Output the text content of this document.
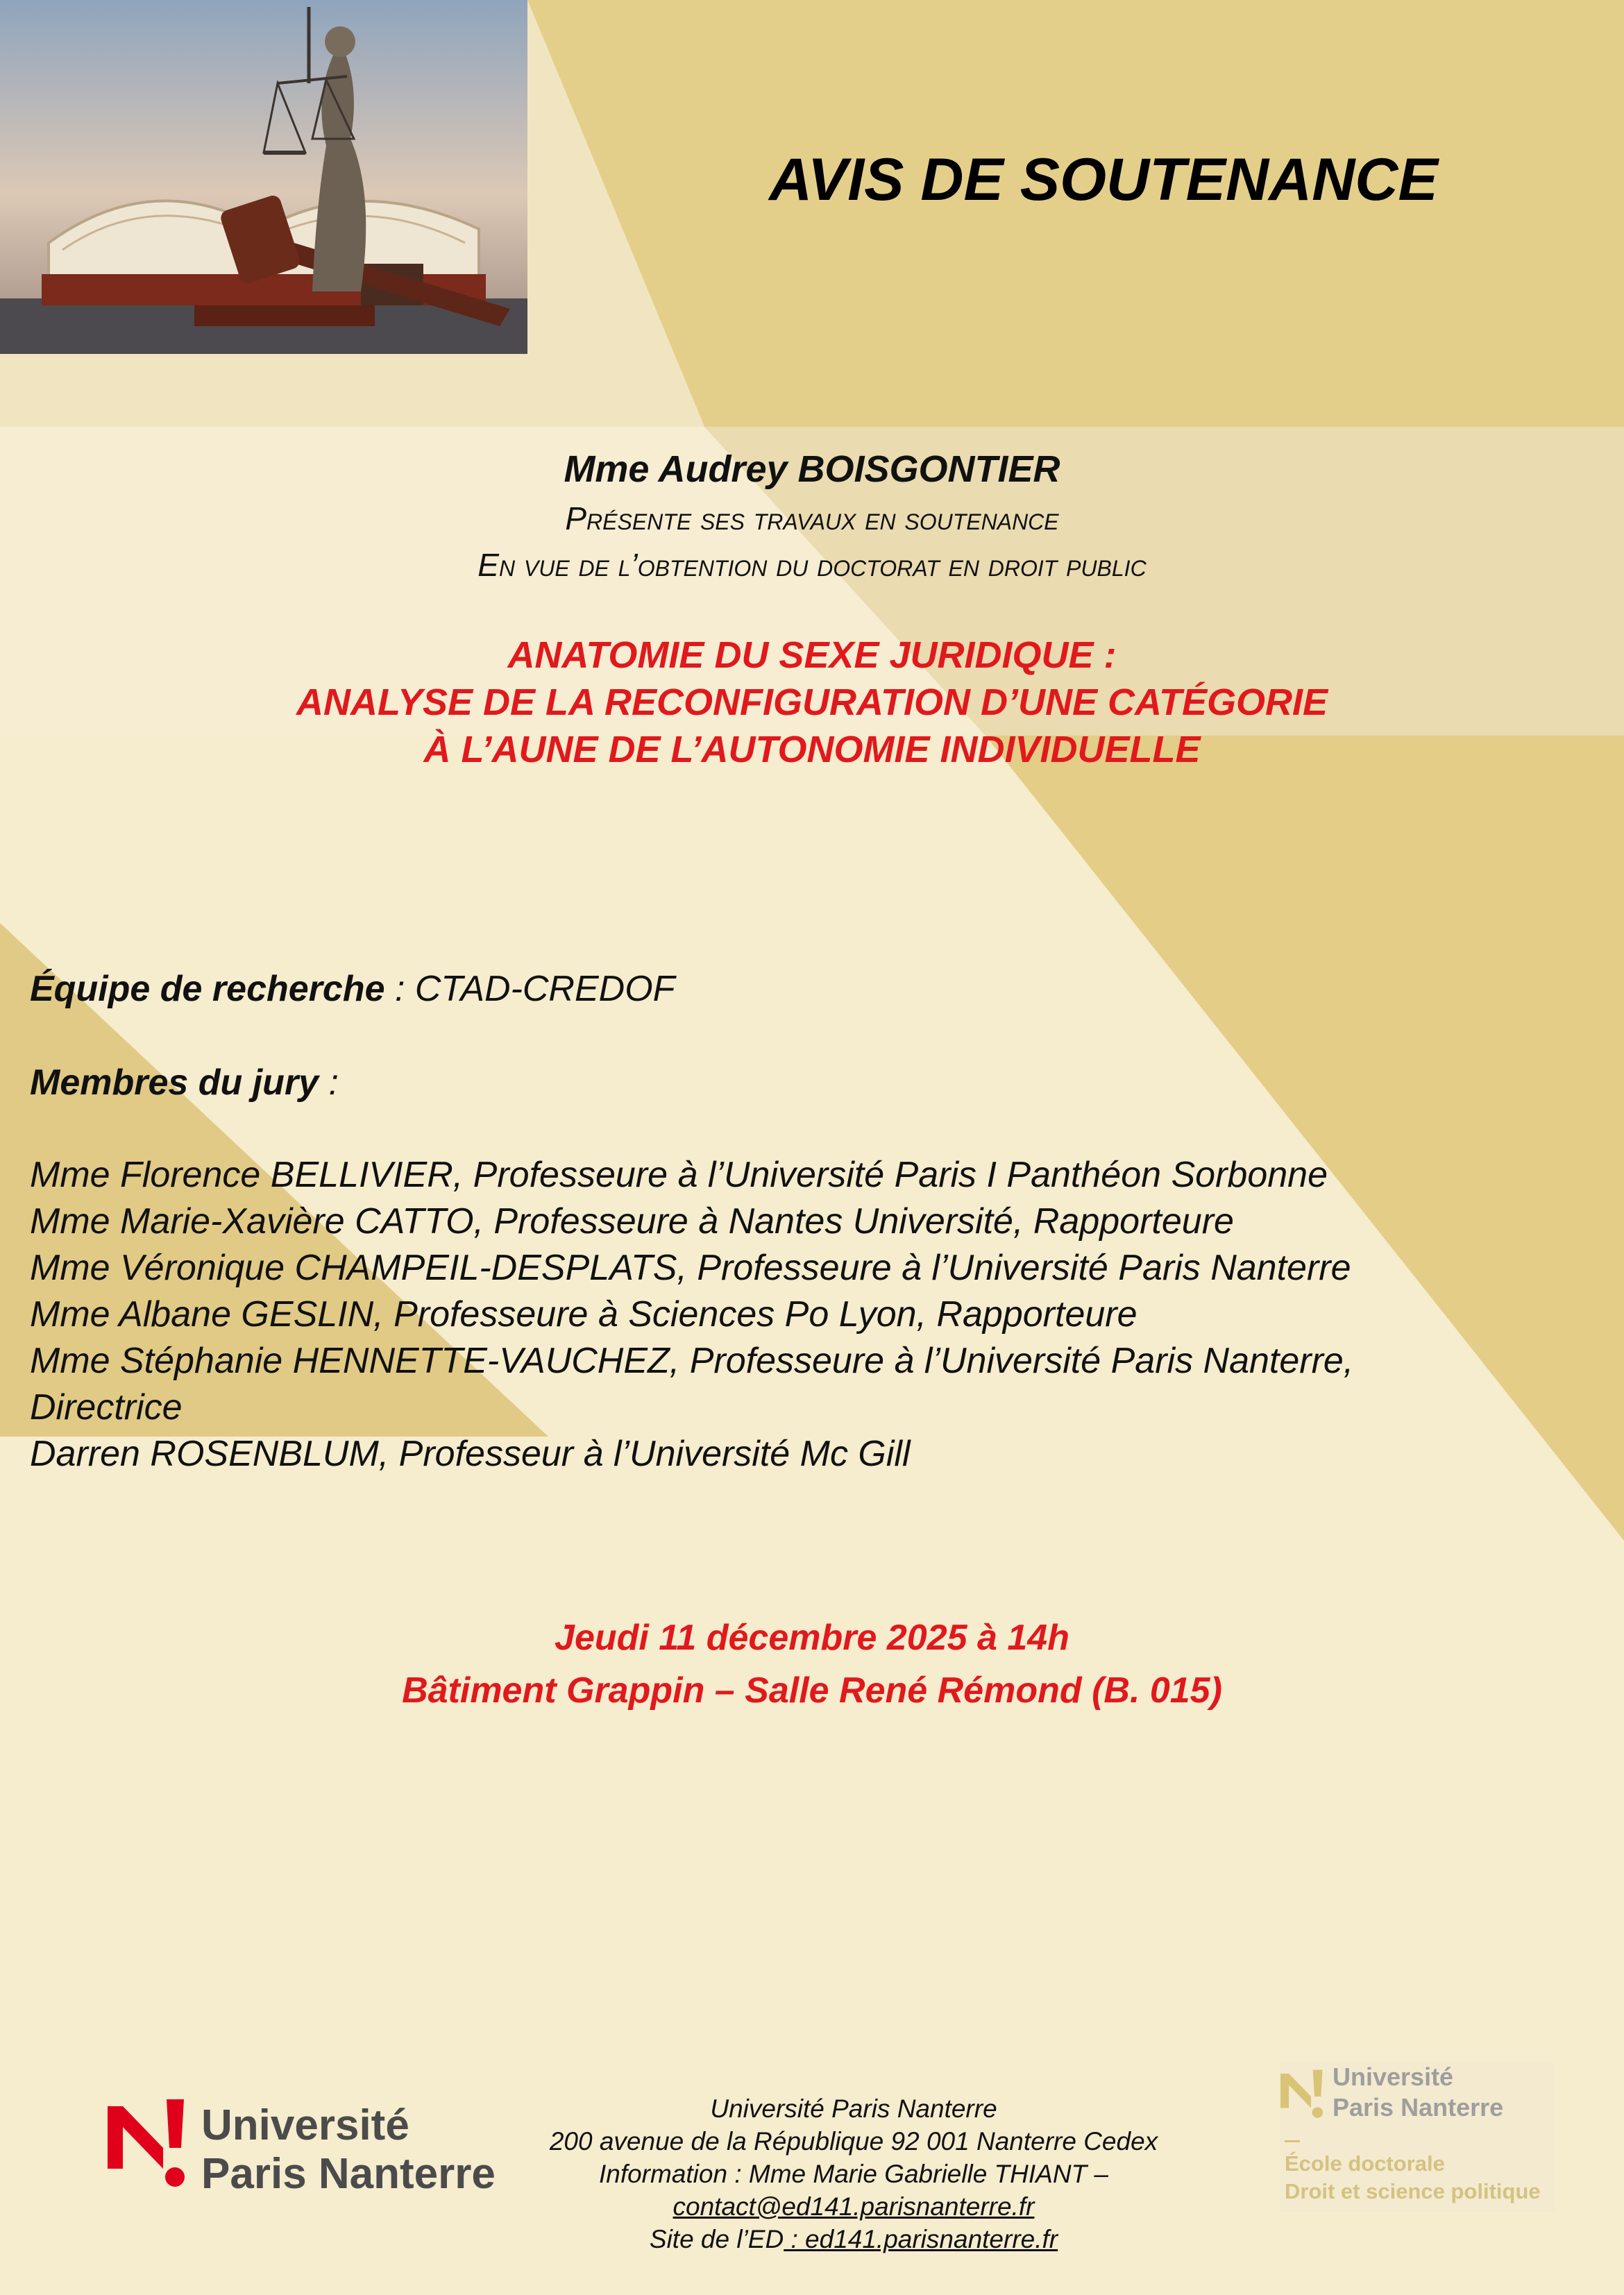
AVIS DE SOUTENANCE
Mme Audrey BOISGONTIER
Présente ses travaux en soutenance
En vue de l’obtention du doctorat en droit public
ANATOMIE DU SEXE JURIDIQUE :
ANALYSE DE LA RECONFIGURATION D’UNE CATÉGORIE
À L’AUNE DE L’AUTONOMIE INDIVIDUELLE
Équipe de recherche : CTAD-CREDOF
Membres du jury :
Mme Florence BELLIVIER, Professeure à l’Université Paris I Panthéon Sorbonne
Mme Marie-Xavière CATTO, Professeure à Nantes Université, Rapporteure
Mme Véronique CHAMPEIL-DESPLATS, Professeure à l’Université Paris Nanterre
Mme Albane GESLIN, Professeure à Sciences Po Lyon, Rapporteure
Mme Stéphanie HENNETTE-VAUCHEZ, Professeure à l’Université Paris Nanterre,
Directrice
Darren ROSENBLUM, Professeur à l’Université Mc Gill
Jeudi 11 décembre 2025 à 14h
Bâtiment Grappin – Salle René Rémond (B. 015)
Université
Paris Nanterre
Université Paris Nanterre
200 avenue de la République 92 001 Nanterre Cedex
Information : Mme Marie Gabrielle THIANT –
contact@ed141.parisnanterre.fr
Site de l’ED : ed141.parisnanterre.fr
Université
Paris Nanterre
École doctorale
Droit et science politique
